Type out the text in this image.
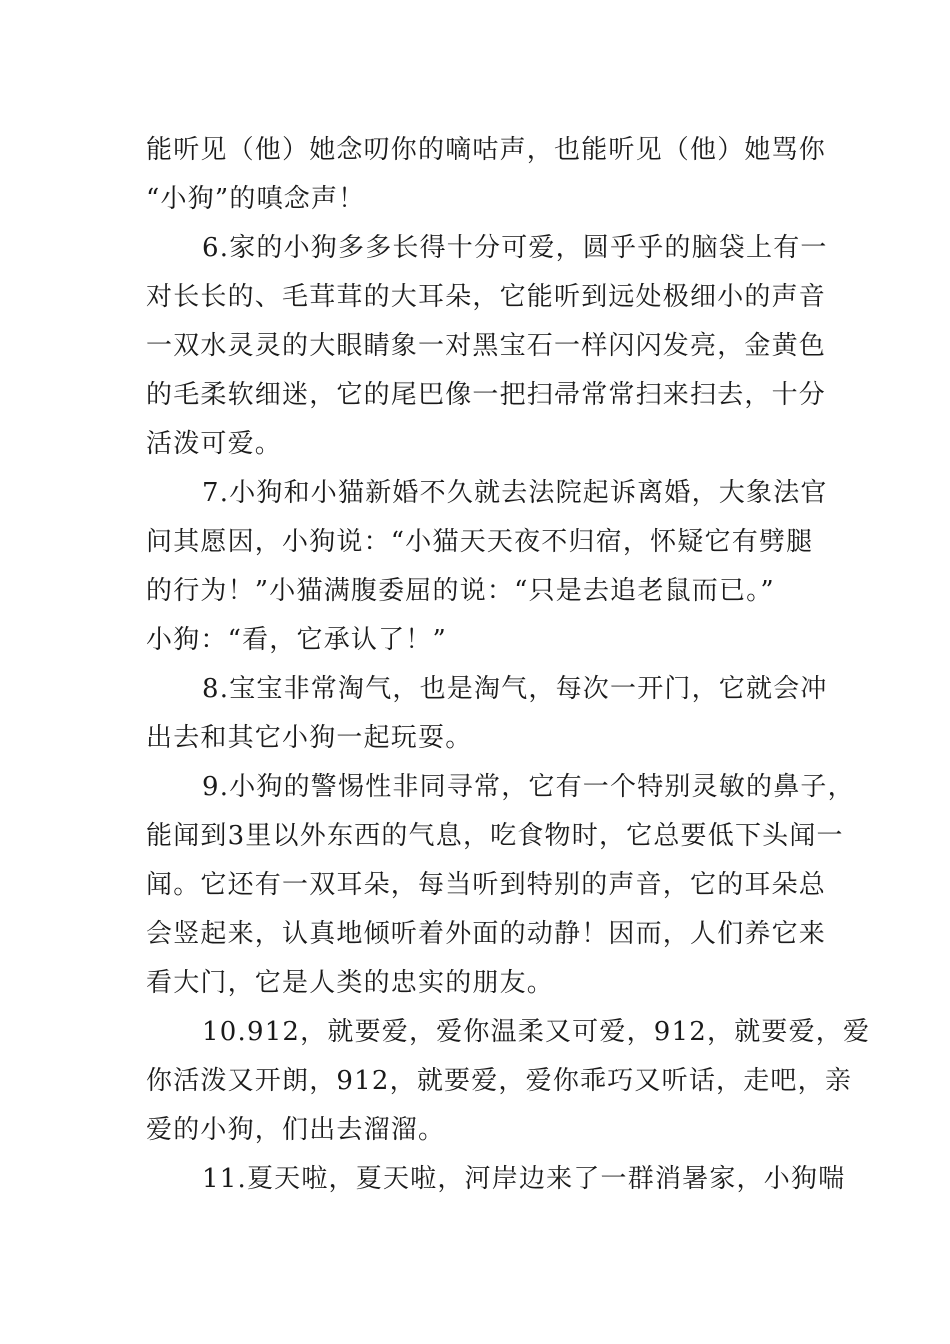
能听见（他）她念叨你的嘀咕声，也能听见（他）她骂你
“小狗”的嗔念声！
6.家的小狗多多长得十分可爱，圆乎乎的脑袋上有一
对长长的、毛茸茸的大耳朵，它能听到远处极细小的声音
一双水灵灵的大眼睛象一对黑宝石一样闪闪发亮，金黄色
的毛柔软细迷，它的尾巴像一把扫帚常常扫来扫去，十分
活泼可爱。
7.小狗和小猫新婚不久就去法院起诉离婚，大象法官
问其愿因，小狗说：“小猫天天夜不归宿，怀疑它有劈腿
的行为！”小猫满腹委屈的说：“只是去追老鼠而已。”
小狗：“看，它承认了！”
8.宝宝非常淘气，也是淘气，每次一开门，它就会冲
出去和其它小狗一起玩耍。
9.小狗的警惕性非同寻常，它有一个特别灵敏的鼻子，
能闻到3里以外东西的气息，吃食物时，它总要低下头闻一
闻。它还有一双耳朵，每当听到特别的声音，它的耳朵总
会竖起来，认真地倾听着外面的动静！因而，人们养它来
看大门，它是人类的忠实的朋友。
10.912，就要爱，爱你温柔又可爱，912，就要爱，爱
你活泼又开朗，912，就要爱，爱你乖巧又听话，走吧，亲
爱的小狗，们出去溜溜。
11.夏天啦，夏天啦，河岸边来了一群消暑家，小狗喘
